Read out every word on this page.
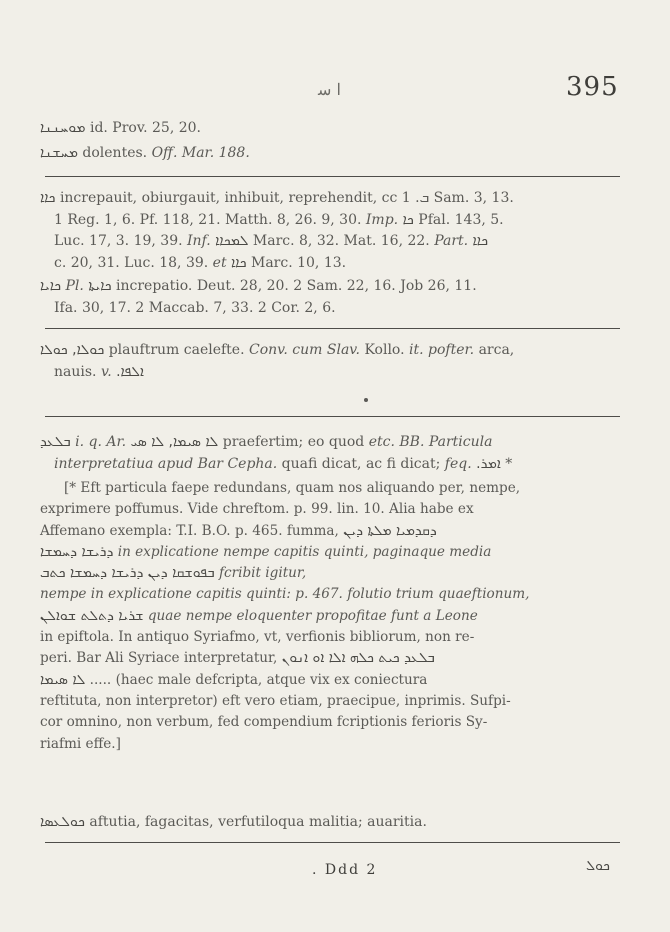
ﺍ ﺳ	395
ܡܘܚܢܢܐ id. Prov. 25, 20.
ܡܚܫܢܐ dolentes. Off. Mar. 188.
ܟܐܐ increpauit, obiurgauit, inhibuit, reprehendit, cc ܒ. 1 Sam. 3, 13.
1 Reg. 1, 6. Pf. 118, 21. Matth. 8, 26. 9, 30. Imp. ܟܐ Pfal. 143, 5.
Luc. 17, 3. 19, 39. Inf. ܠܡܟܐܐ Marc. 8, 32. Mat. 16, 22. Part. ܟܐܐ
c. 20, 31. Luc. 18, 39. et ܟܐܐ Marc. 10, 13.
ܟܐܝܐ Pl. ܟܐܝܬܐ increpatio. Deut. 28, 20. 2 Sam. 22, 16. Job 26, 11.
Ifa. 30, 17. 2 Maccab. 7, 33. 2 Cor. 2, 6.
ܟܘܠܐ, ܟܘܠܐ plauftrum caelefte. Conv. cum Slav. Kollo. it. pofter. arca,
nauis. v. ܐܠܦܐ.
ܒܠܥܕ i. q. Ar. ܠܐ ܣܝܡܐ, ܠܐ ܣܝ praefertim; eo quod etc. BB. Particula
interpretatiua apud Bar Cepha. quafi dicat, ac fi dicat; feq. ܐܡܪ. *
[* Eft particula faepe redundans, quam nos aliquando per, nempe,
exprimere poffumus. Vide chreftom. p. 99. lin. 10. Alia habe ex
Affemano exempla: T.I. B.O. p. 465. fumma, ܕܩܕܡܝܐ ܡܠܬܐ ܕܝܢ
ܕܪܝܫܐ ܕܚܡܫܐ in explicatione nempe capitis quinti, paginaque media
ܒܦܘܫܩܐ ܕܝܢ ܕܪܝܫܐ ܕܚܡܫܐ ܟܬܒ fcribit igitur,
nempe in explicatione capitis quinti: p. 467. folutio trium quaeftionum,
ܫܪܝܐ ܕܬܠܬ ܫܘܐܠܢ quae nempe eloquenter propofitae funt a Leone
in epiftola. In antiquo Syriafmo, vt, verfionis bibliorum, non re-
peri. Bar Ali Syriace interpretatur, ܐܠܐ ܐܘ ܐܢܘܢ ܒܠܥܕ ܟܝܬ ܟܠܗ
ܠܐ ܣܝܡܐ ..... (haec male defcripta, atque vix ex coniectura
reftituta, non interpretor) eft vero etiam, praecipue, inprimis. Sufpi-
cor omnino, non verbum, fed compendium fcriptionis ferioris Sy-
riafmi effe.]
ܟܘܠܥܣܐ aftutia, fagacitas, verfutiloqua malitia; auaritia.
. Ddd 2	ܟܘܠ
